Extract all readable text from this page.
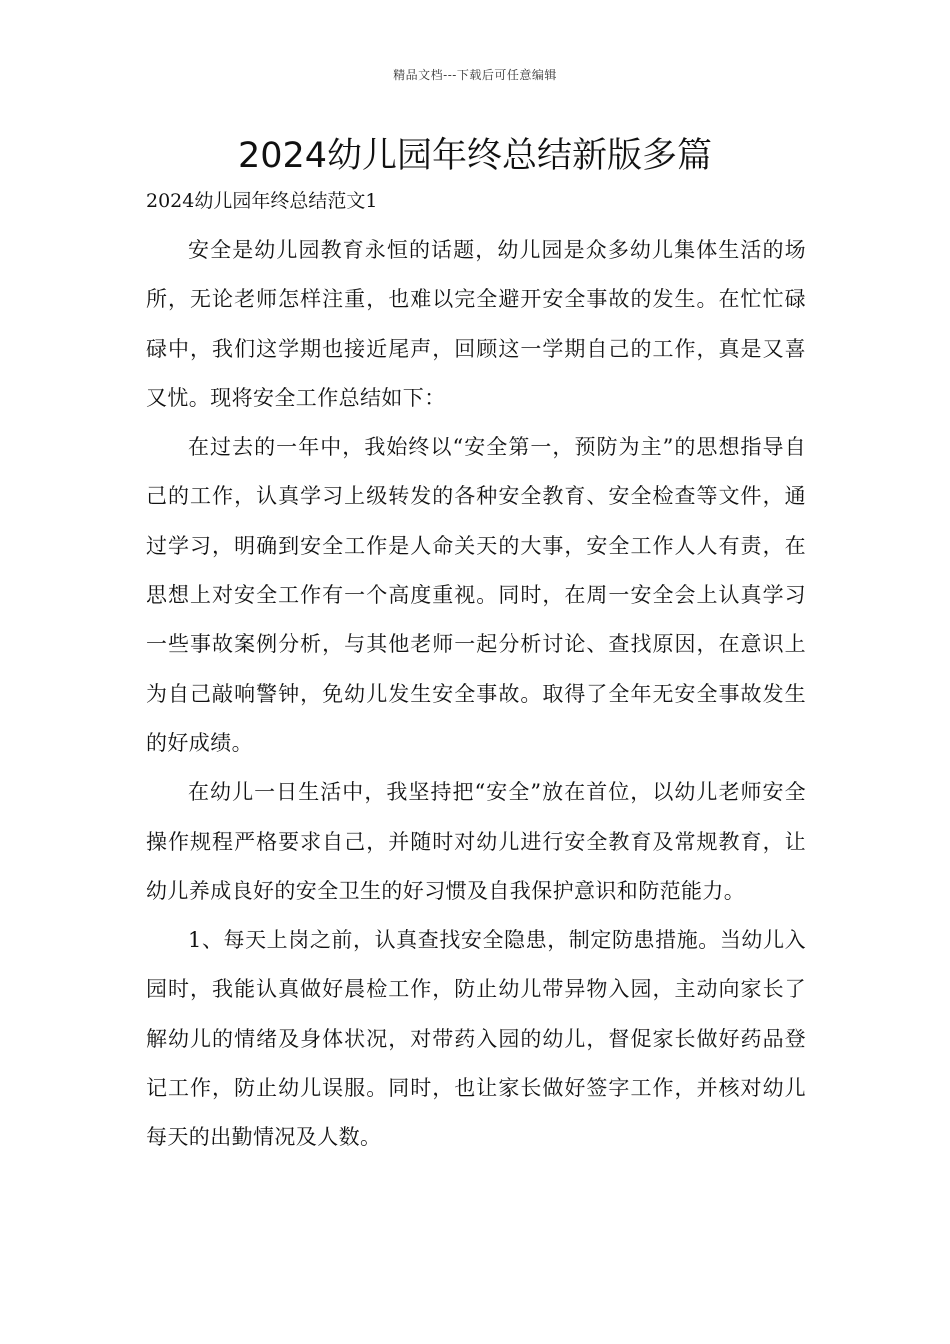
精品文档---下载后可任意编辑
2024幼儿园年终总结新版多篇
2024幼儿园年终总结范文1

安全是幼儿园教育永恒的话题，幼儿园是众多幼儿集体生活的场所，无论老师怎样注重，也难以完全避开安全事故的发生。在忙忙碌碌中，我们这学期也接近尾声，回顾这一学期自己的工作，真是又喜又忧。现将安全工作总结如下：

在过去的一年中，我始终以“安全第一，预防为主”的思想指导自己的工作，认真学习上级转发的各种安全教育、安全检查等文件，通过学习，明确到安全工作是人命关天的大事，安全工作人人有责，在思想上对安全工作有一个高度重视。同时，在周一安全会上认真学习一些事故案例分析，与其他老师一起分析讨论、查找原因，在意识上为自己敲响警钟，免幼儿发生安全事故。取得了全年无安全事故发生的好成绩。

在幼儿一日生活中，我坚持把“安全”放在首位，以幼儿老师安全操作规程严格要求自己，并随时对幼儿进行安全教育及常规教育，让幼儿养成良好的安全卫生的好习惯及自我保护意识和防范能力。

1、每天上岗之前，认真查找安全隐患，制定防患措施。当幼儿入园时，我能认真做好晨检工作，防止幼儿带异物入园，主动向家长了解幼儿的情绪及身体状况，对带药入园的幼儿，督促家长做好药品登记工作，防止幼儿误服。同时，也让家长做好签字工作，并核对幼儿每天的出勤情况及人数。
